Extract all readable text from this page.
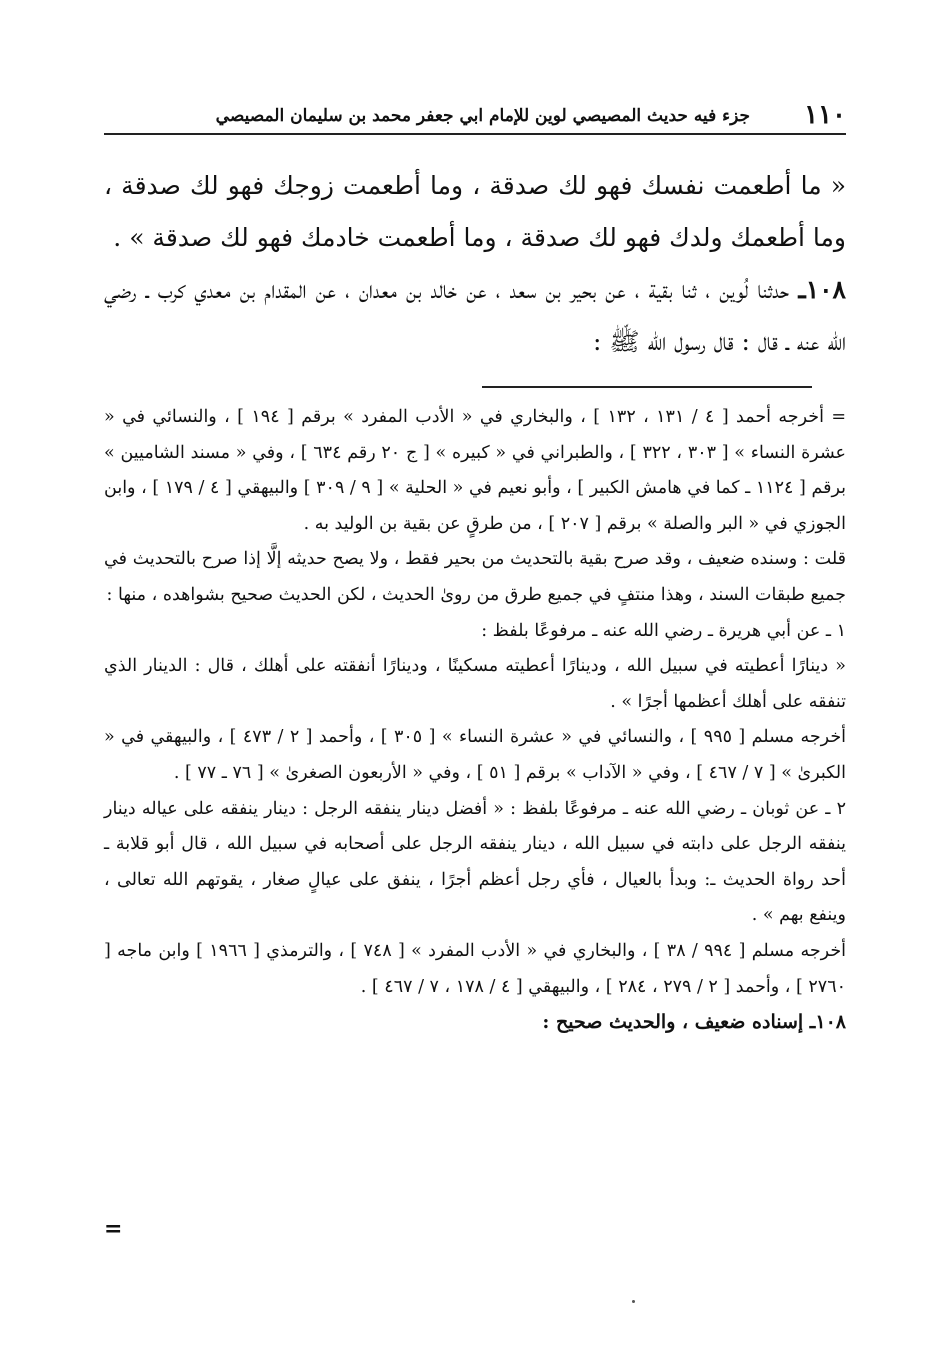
١١٠
جزء فيه حديث المصيصي لوين للإمام ابي جعفر محمد بن سليمان المصيصي

« ما أطعمت نفسك فهو لك صدقة ، وما أطعمت زوجك فهو لك صدقة ، وما أطعمك ولدك فهو لك صدقة ، وما أطعمت خادمك فهو لك صدقة » .

١٠٨ـ حدثنا لُوين ، ثنا بقية ، عن بحير بن سعد ، عن خالد بن معدان ، عن المقدام بن معدي كرب ـ رضي الله عنه ـ قال : قال رسول الله ﷺ :

= أخرجه أحمد [ ٤ / ١٣١ ، ١٣٢ ] ، والبخاري في « الأدب المفرد » برقم [ ١٩٤ ] ، والنسائي في « عشرة النساء » [ ٣٠٣ ، ٣٢٢ ] ، والطبراني في « كبيره » [ ج ٢٠ رقم ٦٣٤ ] ، وفي « مسند الشاميين » برقم [ ١١٢٤ ـ كما في هامش الكبير ] ، وأبو نعيم في « الحلية » [ ٩ / ٣٠٩ ] والبيهقي [ ٤ / ١٧٩ ] ، وابن الجوزي في « البر والصلة » برقم [ ٢٠٧ ] ، من طرقٍ عن بقية بن الوليد به .

قلت : وسنده ضعيف ، وقد صرح بقية بالتحديث من بحير فقط ، ولا يصح حديثه إلَّا إذا صرح بالتحديث في جميع طبقات السند ، وهذا منتفٍ في جميع طرق من روىٰ الحديث ، لكن الحديث صحيح بشواهده ، منها :

١ ـ عن أبي هريرة ـ رضي الله عنه ـ مرفوعًا بلفظ :

« دينارًا أعطيته في سبيل الله ، ودينارًا أعطيته مسكينًا ، ودينارًا أنفقته على أهلك ، قال : الدينار الذي تنفقه على أهلك أعظمها أجرًا » .

أخرجه مسلم [ ٩٩٥ ] ، والنسائي في « عشرة النساء » [ ٣٠٥ ] ، وأحمد [ ٢ / ٤٧٣ ] ، والبيهقي في « الكبرىٰ » [ ٧ / ٤٦٧ ] ، وفي « الآداب » برقم [ ٥١ ] ، وفي « الأربعون الصغرىٰ » [ ٧٦ ـ ٧٧ ] .

٢ ـ عن ثوبان ـ رضي الله عنه ـ مرفوعًا بلفظ : « أفضل دينار ينفقه الرجل : دينار ينفقه على عياله دينار ينفقه الرجل على دابته في سبيل الله ، دينار ينفقه الرجل على أصحابه في سبيل الله ، قال أبو قلابة ـ أحد رواة الحديث ـ: وبدأ بالعيال ، فأي رجل أعظم أجرًا ، ينفق على عيالٍ صغار ، يقوتهم الله تعالى ، وينفع بهم » .

أخرجه مسلم [ ٩٩٤ / ٣٨ ] ، والبخاري في « الأدب المفرد » [ ٧٤٨ ] ، والترمذي [ ١٩٦٦ ] وابن ماجه [ ٢٧٦٠ ] ، وأحمد [ ٢ / ٢٧٩ ، ٢٨٤ ] ، والبيهقي [ ٤ / ١٧٨ ، ٧ / ٤٦٧ ] .

١٠٨ـ إسناده ضعيف ، والحديث صحيح :

=
